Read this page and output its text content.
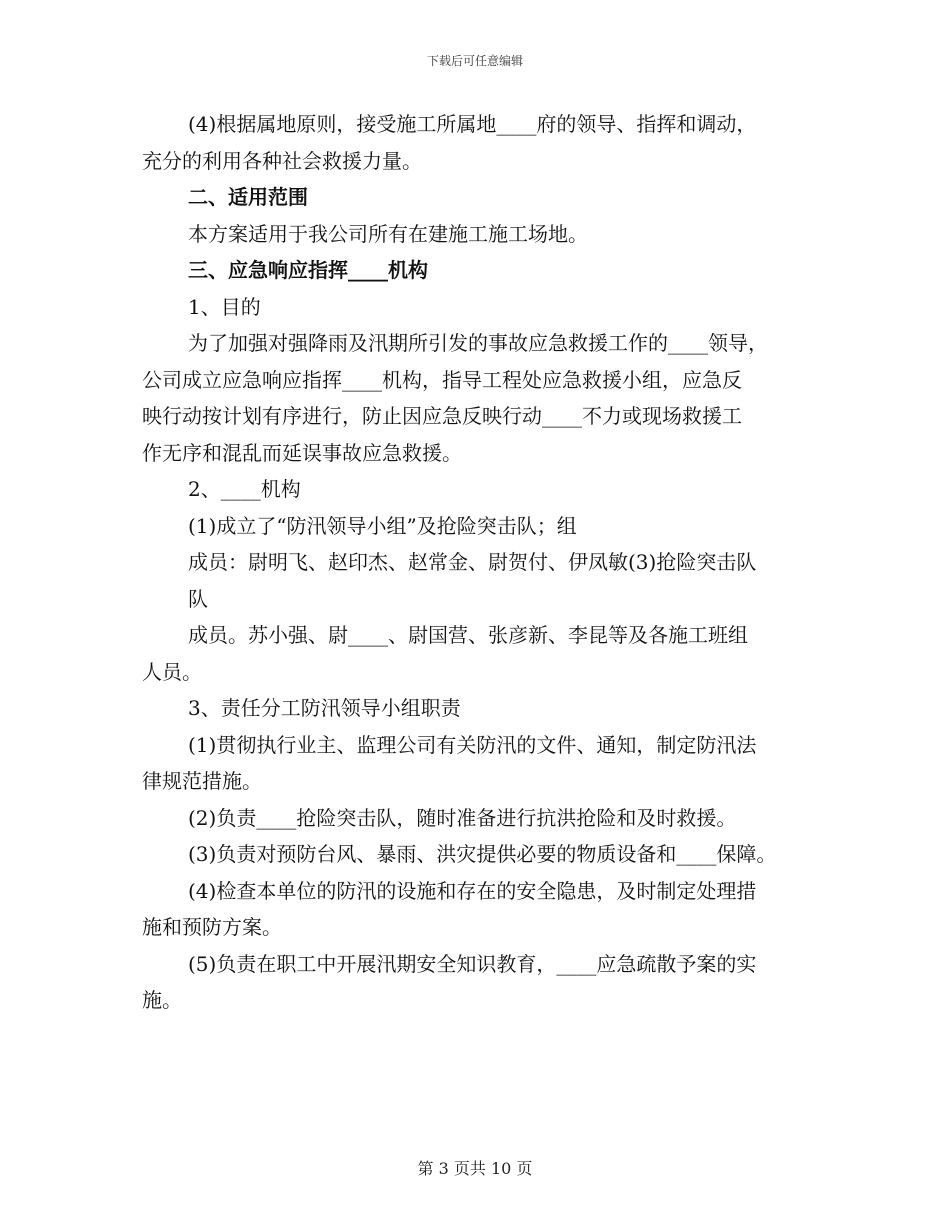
下载后可任意编辑
(4)根据属地原则，接受施工所属地____府的领导、指挥和调动，
充分的利用各种社会救援力量。
二、适用范围
本方案适用于我公司所有在建施工施工场地。
三、应急响应指挥____机构
1、目的
为了加强对强降雨及汛期所引发的事故应急救援工作的____领导，
公司成立应急响应指挥____机构，指导工程处应急救援小组，应急反
映行动按计划有序进行，防止因应急反映行动____不力或现场救援工
作无序和混乱而延误事故应急救援。
2、____机构
(1)成立了“防汛领导小组”及抢险突击队；组
成员：尉明飞、赵印杰、赵常金、尉贺付、伊凤敏(3)抢险突击队
队
成员。苏小强、尉____、尉国营、张彦新、李昆等及各施工班组
人员。
3、责任分工防汛领导小组职责
(1)贯彻执行业主、监理公司有关防汛的文件、通知，制定防汛法
律规范措施。
(2)负责____抢险突击队，随时准备进行抗洪抢险和及时救援。
(3)负责对预防台风、暴雨、洪灾提供必要的物质设备和____保障。
(4)检查本单位的防汛的设施和存在的安全隐患，及时制定处理措
施和预防方案。
(5)负责在职工中开展汛期安全知识教育，____应急疏散予案的实
施。
第 3 页共 10 页
